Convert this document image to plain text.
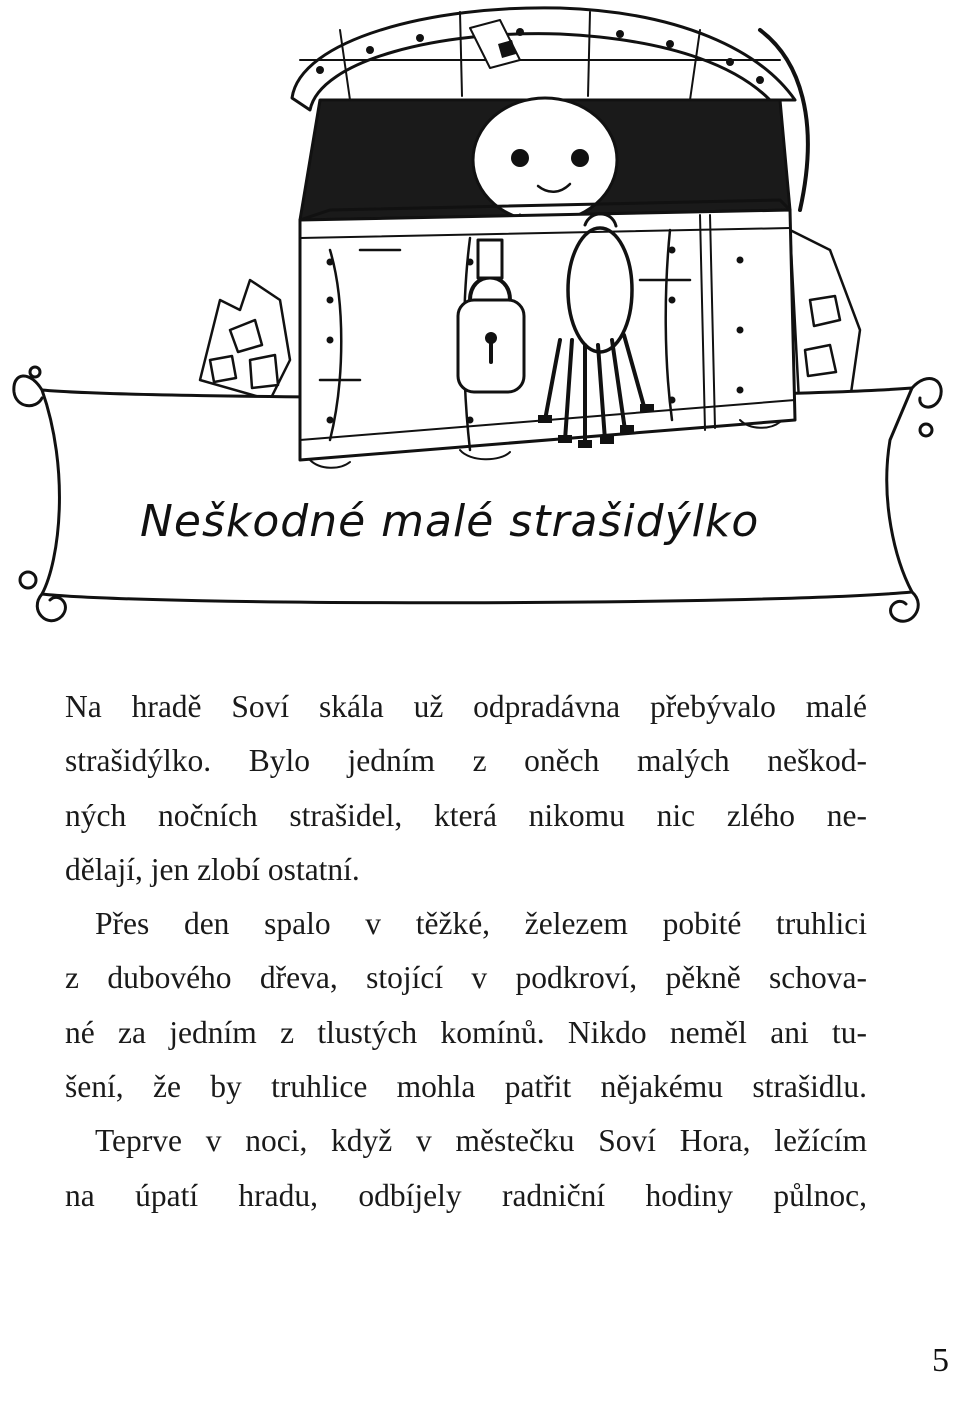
Neškodné malé strašidýlko
Na hradě Soví skála už odpradávna přebývalo malé
strašidýlko. Bylo jedním z oněch malých neškod-
ných nočních strašidel, která nikomu nic zlého ne-
dělají, jen zlobí ostatní.
Přes den spalo v těžké, železem pobité truhlici
z dubového dřeva, stojící v podkroví, pěkně schova-
né za jedním z tlustých komínů. Nikdo neměl ani tu-
šení, že by truhlice mohla patřit nějakému strašidlu.
Teprve v noci, když v městečku Soví Hora, ležícím
na úpatí hradu, odbíjely radniční hodiny půlnoc,
5
